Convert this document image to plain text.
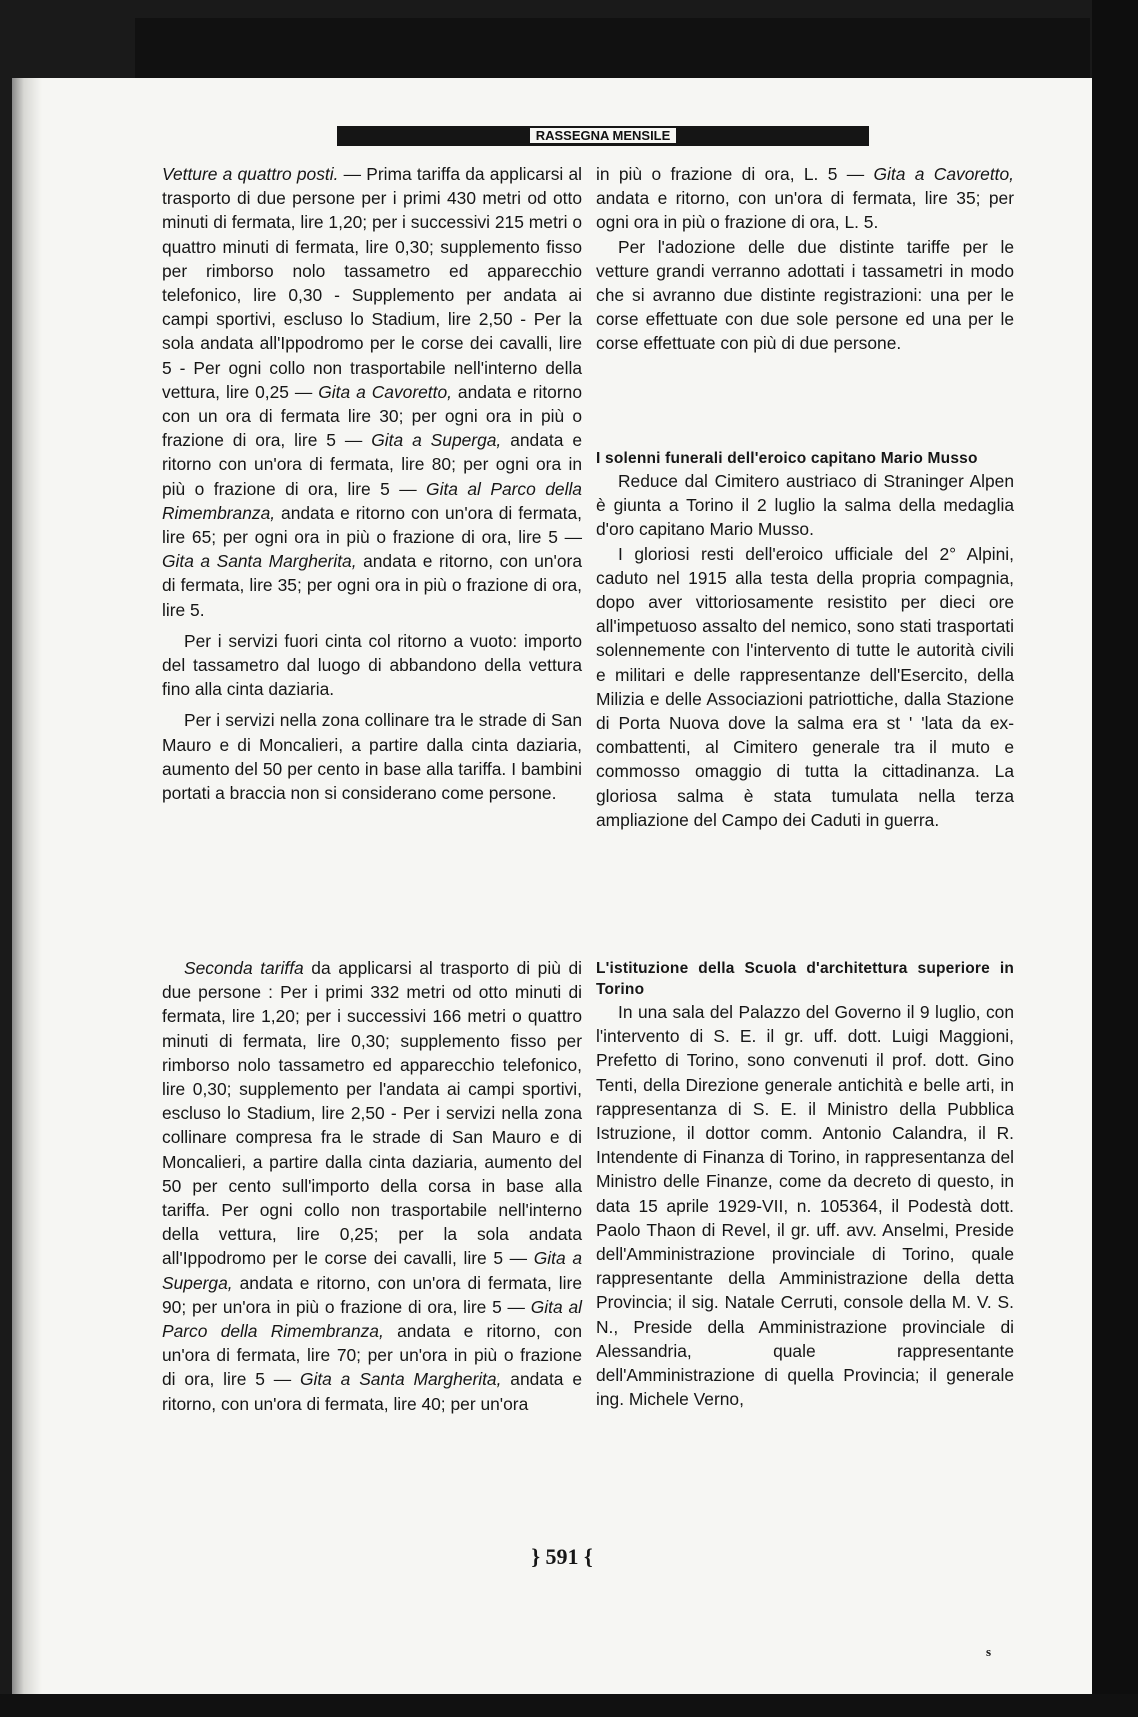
RASSEGNA MENSILE

Vetture a quattro posti. — Prima tariffa da applicarsi al trasporto di due persone per i primi 430 metri od otto minuti di fermata, lire 1,20; per i successivi 215 metri o quattro minuti di fermata, lire 0,30; supplemento fisso per rimborso nolo tassametro ed apparecchio telefonico, lire 0,30 - Supplemento per andata ai campi sportivi, escluso lo Stadium, lire 2,50 - Per la sola andata all'Ippodromo per le corse dei cavalli, lire 5 - Per ogni collo non trasportabile nell'interno della vettura, lire 0,25 — Gita a Cavoretto, andata e ritorno con un ora di fermata lire 30; per ogni ora in più o frazione di ora, lire 5 — Gita a Superga, andata e ritorno con un'ora di fermata, lire 80; per ogni ora in più o frazione di ora, lire 5 — Gita al Parco della Rimembranza, andata e ritorno con un'ora di fermata, lire 65; per ogni ora in più o frazione di ora, lire 5 — Gita a Santa Margherita, andata e ritorno, con un'ora di fermata, lire 35; per ogni ora in più o frazione di ora, lire 5.

Per i servizi fuori cinta col ritorno a vuoto: importo del tassametro dal luogo di abbandono della vettura fino alla cinta daziaria.

Per i servizi nella zona collinare tra le strade di San Mauro e di Moncalieri, a partire dalla cinta daziaria, aumento del 50 per cento in base alla tariffa. I bambini portati a braccia non si considerano come persone.

Seconda tariffa da applicarsi al trasporto di più di due persone : Per i primi 332 metri od otto minuti di fermata, lire 1,20; per i successivi 166 metri o quattro minuti di fermata, lire 0,30; supplemento fisso per rimborso nolo tassametro ed apparecchio telefonico, lire 0,30; supplemento per l'andata ai campi sportivi, escluso lo Stadium, lire 2,50 - Per i servizi nella zona collinare compresa fra le strade di San Mauro e di Moncalieri, a partire dalla cinta daziaria, aumento del 50 per cento sull'importo della corsa in base alla tariffa. Per ogni collo non trasportabile nell'interno della vettura, lire 0,25; per la sola andata all'Ippodromo per le corse dei cavalli, lire 5 — Gita a Superga, andata e ritorno, con un'ora di fermata, lire 90; per un'ora in più o frazione di ora, lire 5 — Gita al Parco della Rimembranza, andata e ritorno, con un'ora di fermata, lire 70; per un'ora in più o frazione di ora, lire 5 — Gita a Santa Margherita, andata e ritorno, con un'ora di fermata, lire 40; per un'ora

in più o frazione di ora, L. 5 — Gita a Cavoretto, andata e ritorno, con un'ora di fermata, lire 35; per ogni ora in più o frazione di ora, L. 5.

Per l'adozione delle due distinte tariffe per le vetture grandi verranno adottati i tassametri in modo che si avranno due distinte registrazioni: una per le corse effettuate con due sole persone ed una per le corse effettuate con più di due persone.

I solenni funerali dell'eroico capitano Mario Musso

Reduce dal Cimitero austriaco di Straninger Alpen è giunta a Torino il 2 luglio la salma della medaglia d'oro capitano Mario Musso.

I gloriosi resti dell'eroico ufficiale del 2° Alpini, caduto nel 1915 alla testa della propria compagnia, dopo aver vittoriosamente resistito per dieci ore all'impetuoso assalto del nemico, sono stati trasportati solennemente con l'intervento di tutte le autorità civili e militari e delle rappresentanze dell'Esercito, della Milizia e delle Associazioni patriottiche, dalla Stazione di Porta Nuova dove la salma era st ' 'lata da ex-combattenti, al Cimitero generale tra il muto e commosso omaggio di tutta la cittadinanza. La gloriosa salma è stata tumulata nella terza ampliazione del Campo dei Caduti in guerra.

L'istituzione della Scuola d'architettura superiore in Torino

In una sala del Palazzo del Governo il 9 luglio, con l'intervento di S. E. il gr. uff. dott. Luigi Maggioni, Prefetto di Torino, sono convenuti il prof. dott. Gino Tenti, della Direzione generale antichità e belle arti, in rappresentanza di S. E. il Ministro della Pubblica Istruzione, il dottor comm. Antonio Calandra, il R. Intendente di Finanza di Torino, in rappresentanza del Ministro delle Finanze, come da decreto di questo, in data 15 aprile 1929-VII, n. 105364, il Podestà dott. Paolo Thaon di Revel, il gr. uff. avv. Anselmi, Preside dell'Amministrazione provinciale di Torino, quale rappresentante della Amministrazione della detta Provincia; il sig. Natale Cerruti, console della M. V. S. N., Preside della Amministrazione provinciale di Alessandria, quale rappresentante dell'Amministrazione di quella Provincia; il generale ing. Michele Verno,

} 591 {
s
